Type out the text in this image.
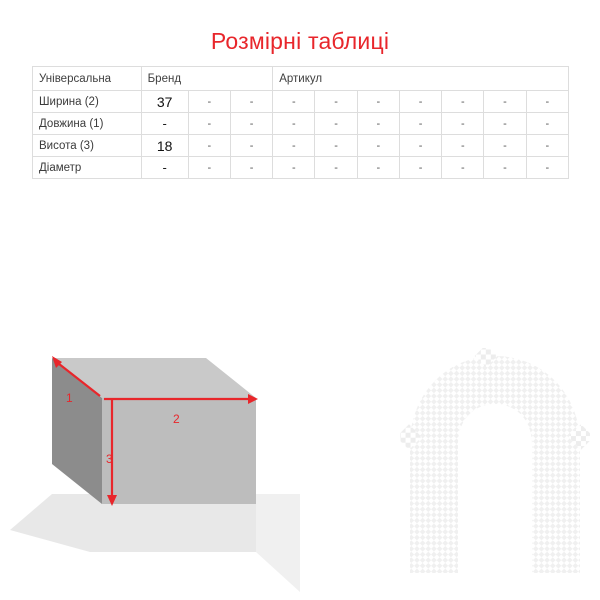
Розмірні таблиці
Універсальна	Бренд			Артикул						
Ширина (2)	37	-	-	-	-	-	-	-	-	-
Довжина (1)	-	-	-	-	-	-	-	-	-	-
Висота (3)	18	-	-	-	-	-	-	-	-	-
Діаметр	-	-	-	-	-	-	-	-	-	-
1
2
3
